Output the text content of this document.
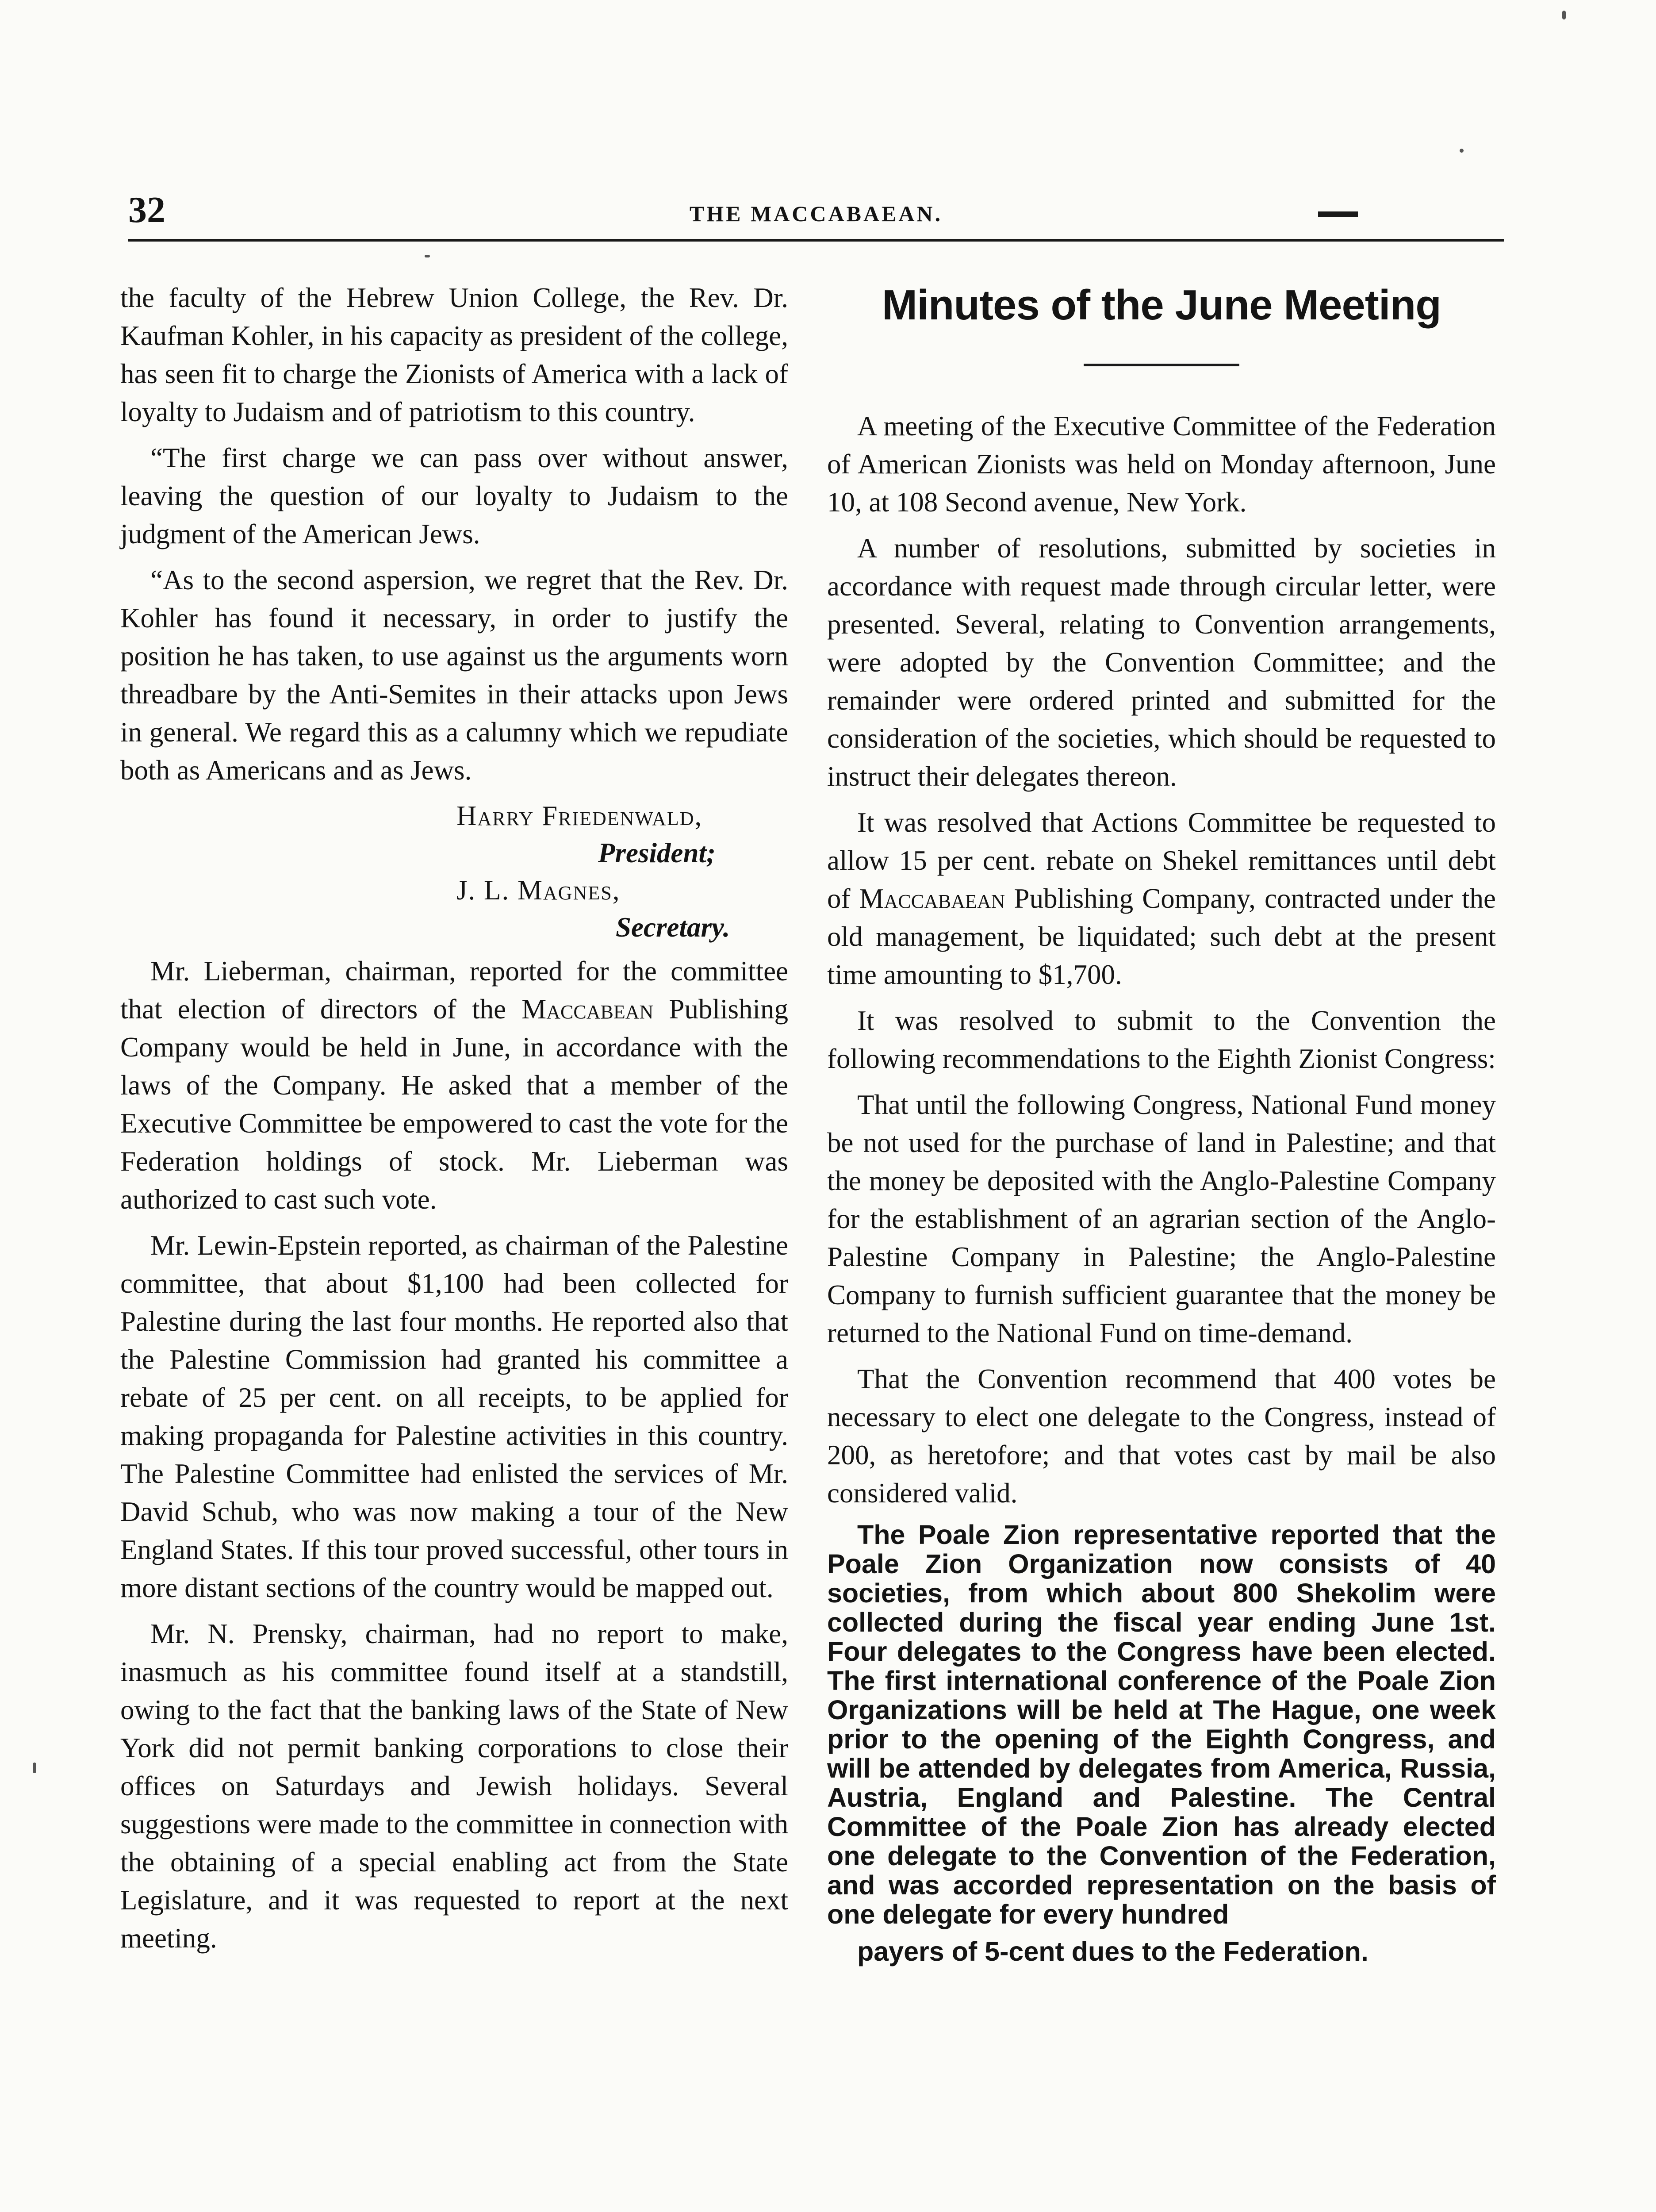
32	THE MACCABAEAN.

the faculty of the Hebrew Union College, the Rev. Dr. Kaufman Kohler, in his capacity as president of the college, has seen fit to charge the Zionists of America with a lack of loyalty to Judaism and of patriotism to this country.

“The first charge we can pass over without answer, leaving the question of our loyalty to Judaism to the judgment of the American Jews.

“As to the second aspersion, we regret that the Rev. Dr. Kohler has found it necessary, in order to justify the position he has taken, to use against us the arguments worn threadbare by the Anti-Semites in their attacks upon Jews in general. We regard this as a calumny which we repudiate both as Americans and as Jews.

Harry Friedenwald,
President;
J. L. Magnes,
Secretary.

Mr. Lieberman, chairman, reported for the committee that election of directors of the Maccabean Publishing Company would be held in June, in accordance with the laws of the Company. He asked that a member of the Executive Committee be empowered to cast the vote for the Federation holdings of stock. Mr. Lieberman was authorized to cast such vote.

Mr. Lewin-Epstein reported, as chairman of the Palestine committee, that about $1,100 had been collected for Palestine during the last four months. He reported also that the Palestine Commission had granted his committee a rebate of 25 per cent. on all receipts, to be applied for making propaganda for Palestine activities in this country. The Palestine Committee had enlisted the services of Mr. David Schub, who was now making a tour of the New England States. If this tour proved successful, other tours in more distant sections of the country would be mapped out.

Mr. N. Prensky, chairman, had no report to make, inasmuch as his committee found itself at a standstill, owing to the fact that the banking laws of the State of New York did not permit banking corporations to close their offices on Saturdays and Jewish holidays. Several suggestions were made to the committee in connection with the obtaining of a special enabling act from the State Legislature, and it was requested to report at the next meeting.

Minutes of the June Meeting

A meeting of the Executive Committee of the Federation of American Zionists was held on Monday afternoon, June 10, at 108 Second avenue, New York.

A number of resolutions, submitted by societies in accordance with request made through circular letter, were presented. Several, relating to Convention arrangements, were adopted by the Convention Committee; and the remainder were ordered printed and submitted for the consideration of the societies, which should be requested to instruct their delegates thereon.

It was resolved that Actions Committee be requested to allow 15 per cent. rebate on Shekel remittances until debt of Maccabaean Publishing Company, contracted under the old management, be liquidated; such debt at the present time amounting to $1,700.

It was resolved to submit to the Convention the following recommendations to the Eighth Zionist Congress:

That until the following Congress, National Fund money be not used for the purchase of land in Palestine; and that the money be deposited with the Anglo-Palestine Company for the establishment of an agrarian section of the Anglo-Palestine Company in Palestine; the Anglo-Palestine Company to furnish sufficient guarantee that the money be returned to the National Fund on time-demand.

That the Convention recommend that 400 votes be necessary to elect one delegate to the Congress, instead of 200, as heretofore; and that votes cast by mail be also considered valid.

The Poale Zion representative reported that the Poale Zion Organization now consists of 40 societies, from which about 800 Shekolim were collected during the fiscal year ending June 1st. Four delegates to the Congress have been elected. The first international conference of the Poale Zion Organizations will be held at The Hague, one week prior to the opening of the Eighth Congress, and will be attended by delegates from America, Russia, Austria, England and Palestine. The Central Committee of the Poale Zion has already elected one delegate to the Convention of the Federation, and was accorded representation on the basis of one delegate for every hundred

payers of 5-cent dues to the Federation.
